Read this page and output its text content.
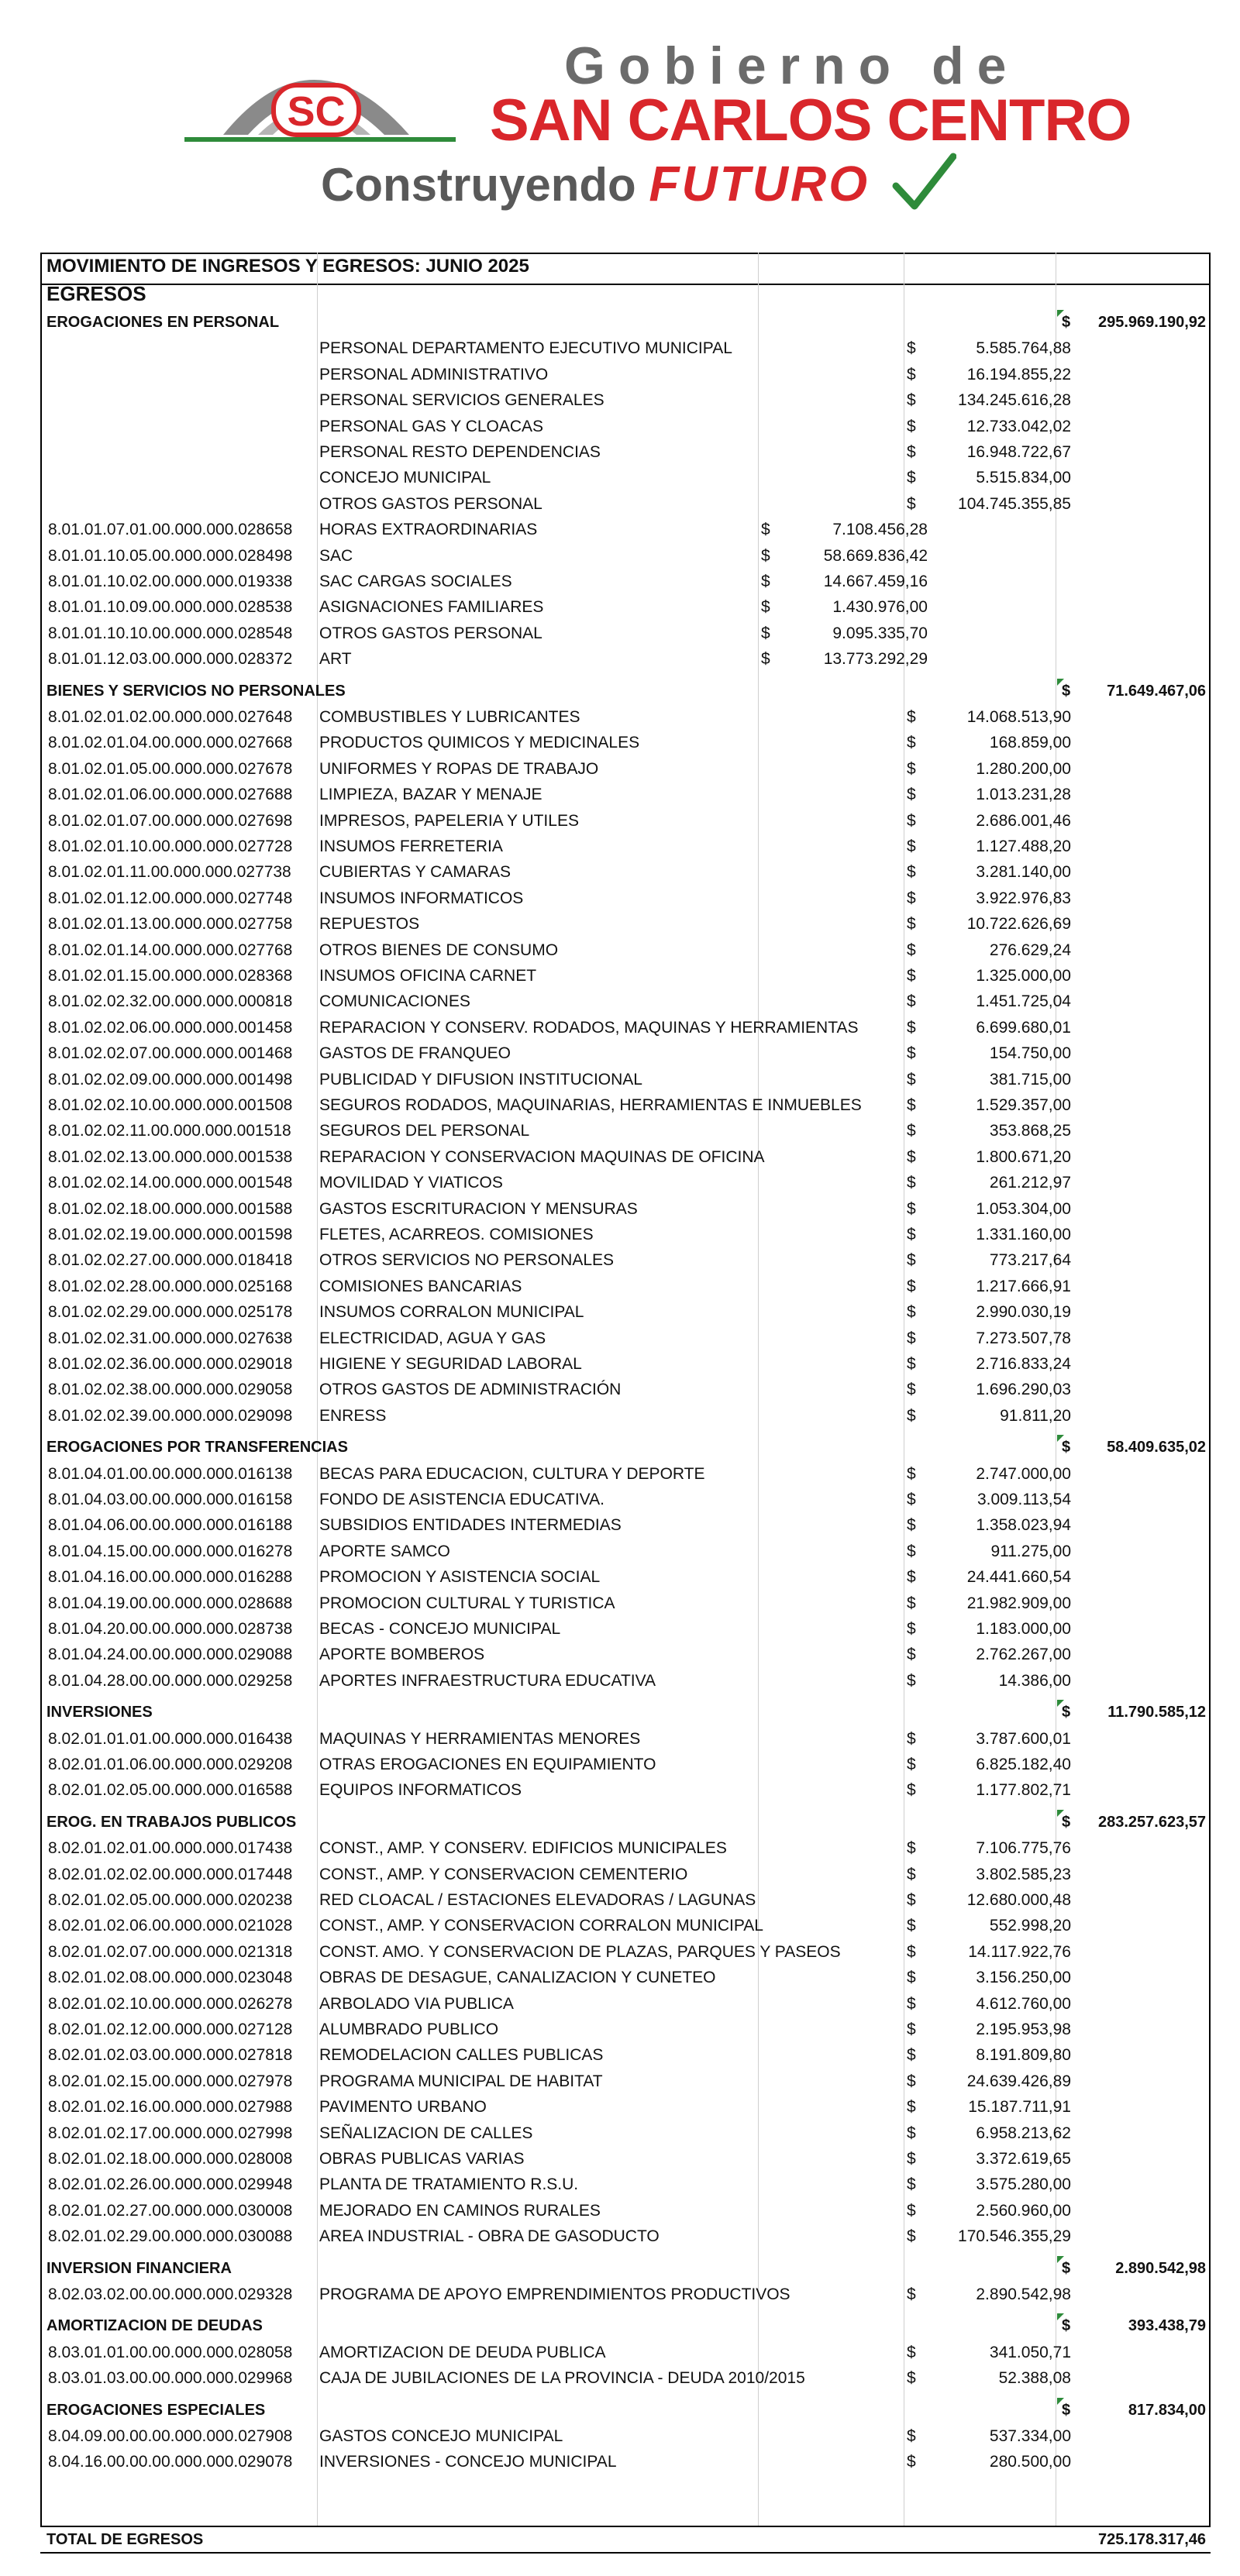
SC
Gobierno de
SAN CARLOS CENTRO
Construyendo FUTURO
MOVIMIENTO DE INGRESOS Y EGRESOS: JUNIO 2025
EGRESOS
EROGACIONES EN PERSONAL	$	295.969.190,92
PERSONAL DEPARTAMENTO EJECUTIVO MUNICIPAL	$	5.585.764,88
PERSONAL ADMINISTRATIVO	$	16.194.855,22
PERSONAL SERVICIOS GENERALES	$	134.245.616,28
PERSONAL GAS Y CLOACAS	$	12.733.042,02
PERSONAL RESTO DEPENDENCIAS	$	16.948.722,67
CONCEJO MUNICIPAL	$	5.515.834,00
OTROS GASTOS PERSONAL	$	104.745.355,85
8.01.01.07.01.00.000.000.028658 HORAS EXTRAORDINARIAS	$	7.108.456,28
8.01.01.10.05.00.000.000.028498 SAC	$	58.669.836,42
8.01.01.10.02.00.000.000.019338 SAC CARGAS SOCIALES	$	14.667.459,16
8.01.01.10.09.00.000.000.028538 ASIGNACIONES FAMILIARES	$	1.430.976,00
8.01.01.10.10.00.000.000.028548 OTROS GASTOS PERSONAL	$	9.095.335,70
8.01.01.12.03.00.000.000.028372 ART	$	13.773.292,29
BIENES Y SERVICIOS NO PERSONALES	$	71.649.467,06
8.01.02.01.02.00.000.000.027648 COMBUSTIBLES Y LUBRICANTES	$	14.068.513,90
8.01.02.01.04.00.000.000.027668 PRODUCTOS QUIMICOS Y MEDICINALES	$	168.859,00
8.01.02.01.05.00.000.000.027678 UNIFORMES Y ROPAS DE TRABAJO	$	1.280.200,00
8.01.02.01.06.00.000.000.027688 LIMPIEZA, BAZAR Y MENAJE	$	1.013.231,28
8.01.02.01.07.00.000.000.027698 IMPRESOS, PAPELERIA Y UTILES	$	2.686.001,46
8.01.02.01.10.00.000.000.027728 INSUMOS FERRETERIA	$	1.127.488,20
8.01.02.01.11.00.000.000.027738 CUBIERTAS Y CAMARAS	$	3.281.140,00
8.01.02.01.12.00.000.000.027748 INSUMOS INFORMATICOS	$	3.922.976,83
8.01.02.01.13.00.000.000.027758 REPUESTOS	$	10.722.626,69
8.01.02.01.14.00.000.000.027768 OTROS BIENES DE CONSUMO	$	276.629,24
8.01.02.01.15.00.000.000.028368 INSUMOS OFICINA CARNET	$	1.325.000,00
8.01.02.02.32.00.000.000.000818 COMUNICACIONES	$	1.451.725,04
8.01.02.02.06.00.000.000.001458 REPARACION Y CONSERV. RODADOS, MAQUINAS Y HERRAMIENTAS	$	6.699.680,01
8.01.02.02.07.00.000.000.001468 GASTOS DE FRANQUEO	$	154.750,00
8.01.02.02.09.00.000.000.001498 PUBLICIDAD Y DIFUSION INSTITUCIONAL	$	381.715,00
8.01.02.02.10.00.000.000.001508 SEGUROS RODADOS, MAQUINARIAS, HERRAMIENTAS E INMUEBLES	$	1.529.357,00
8.01.02.02.11.00.000.000.001518 SEGUROS DEL PERSONAL	$	353.868,25
8.01.02.02.13.00.000.000.001538 REPARACION Y CONSERVACION MAQUINAS DE OFICINA	$	1.800.671,20
8.01.02.02.14.00.000.000.001548 MOVILIDAD Y VIATICOS	$	261.212,97
8.01.02.02.18.00.000.000.001588 GASTOS ESCRITURACION Y MENSURAS	$	1.053.304,00
8.01.02.02.19.00.000.000.001598 FLETES, ACARREOS. COMISIONES	$	1.331.160,00
8.01.02.02.27.00.000.000.018418 OTROS SERVICIOS NO PERSONALES	$	773.217,64
8.01.02.02.28.00.000.000.025168 COMISIONES BANCARIAS	$	1.217.666,91
8.01.02.02.29.00.000.000.025178 INSUMOS CORRALON MUNICIPAL	$	2.990.030,19
8.01.02.02.31.00.000.000.027638 ELECTRICIDAD, AGUA Y GAS	$	7.273.507,78
8.01.02.02.36.00.000.000.029018 HIGIENE Y SEGURIDAD LABORAL	$	2.716.833,24
8.01.02.02.38.00.000.000.029058 OTROS GASTOS DE ADMINISTRACIÓN	$	1.696.290,03
8.01.02.02.39.00.000.000.029098 ENRESS	$	91.811,20
EROGACIONES POR TRANSFERENCIAS	$	58.409.635,02
8.01.04.01.00.00.000.000.016138 BECAS PARA EDUCACION, CULTURA Y DEPORTE	$	2.747.000,00
8.01.04.03.00.00.000.000.016158 FONDO DE ASISTENCIA EDUCATIVA.	$	3.009.113,54
8.01.04.06.00.00.000.000.016188 SUBSIDIOS ENTIDADES INTERMEDIAS	$	1.358.023,94
8.01.04.15.00.00.000.000.016278 APORTE SAMCO	$	911.275,00
8.01.04.16.00.00.000.000.016288 PROMOCION Y ASISTENCIA SOCIAL	$	24.441.660,54
8.01.04.19.00.00.000.000.028688 PROMOCION CULTURAL Y TURISTICA	$	21.982.909,00
8.01.04.20.00.00.000.000.028738 BECAS - CONCEJO MUNICIPAL	$	1.183.000,00
8.01.04.24.00.00.000.000.029088 APORTE BOMBEROS	$	2.762.267,00
8.01.04.28.00.00.000.000.029258 APORTES INFRAESTRUCTURA EDUCATIVA	$	14.386,00
INVERSIONES	$	11.790.585,12
8.02.01.01.01.00.000.000.016438 MAQUINAS Y HERRAMIENTAS MENORES	$	3.787.600,01
8.02.01.01.06.00.000.000.029208 OTRAS EROGACIONES EN EQUIPAMIENTO	$	6.825.182,40
8.02.01.02.05.00.000.000.016588 EQUIPOS INFORMATICOS	$	1.177.802,71
EROG. EN TRABAJOS PUBLICOS	$	283.257.623,57
8.02.01.02.01.00.000.000.017438 CONST., AMP. Y CONSERV. EDIFICIOS MUNICIPALES	$	7.106.775,76
8.02.01.02.02.00.000.000.017448 CONST., AMP. Y CONSERVACION CEMENTERIO	$	3.802.585,23
8.02.01.02.05.00.000.000.020238 RED CLOACAL / ESTACIONES ELEVADORAS / LAGUNAS	$	12.680.000,48
8.02.01.02.06.00.000.000.021028 CONST., AMP. Y CONSERVACION CORRALON MUNICIPAL	$	552.998,20
8.02.01.02.07.00.000.000.021318 CONST. AMO. Y CONSERVACION DE PLAZAS, PARQUES Y PASEOS	$	14.117.922,76
8.02.01.02.08.00.000.000.023048 OBRAS DE DESAGUE, CANALIZACION Y CUNETEO	$	3.156.250,00
8.02.01.02.10.00.000.000.026278 ARBOLADO VIA PUBLICA	$	4.612.760,00
8.02.01.02.12.00.000.000.027128 ALUMBRADO PUBLICO	$	2.195.953,98
8.02.01.02.03.00.000.000.027818 REMODELACION CALLES PUBLICAS	$	8.191.809,80
8.02.01.02.15.00.000.000.027978 PROGRAMA MUNICIPAL DE HABITAT	$	24.639.426,89
8.02.01.02.16.00.000.000.027988 PAVIMENTO URBANO	$	15.187.711,91
8.02.01.02.17.00.000.000.027998 SEÑALIZACION DE CALLES	$	6.958.213,62
8.02.01.02.18.00.000.000.028008 OBRAS PUBLICAS VARIAS	$	3.372.619,65
8.02.01.02.26.00.000.000.029948 PLANTA DE TRATAMIENTO R.S.U.	$	3.575.280,00
8.02.01.02.27.00.000.000.030008 MEJORADO EN CAMINOS RURALES	$	2.560.960,00
8.02.01.02.29.00.000.000.030088 AREA INDUSTRIAL - OBRA DE GASODUCTO	$	170.546.355,29
INVERSION FINANCIERA	$	2.890.542,98
8.02.03.02.00.00.000.000.029328 PROGRAMA DE APOYO EMPRENDIMIENTOS PRODUCTIVOS	$	2.890.542,98
AMORTIZACION DE DEUDAS	$	393.438,79
8.03.01.01.00.00.000.000.028058 AMORTIZACION DE DEUDA PUBLICA	$	341.050,71
8.03.01.03.00.00.000.000.029968 CAJA DE JUBILACIONES DE LA PROVINCIA - DEUDA 2010/2015	$	52.388,08
EROGACIONES ESPECIALES	$	817.834,00
8.04.09.00.00.00.000.000.027908 GASTOS CONCEJO MUNICIPAL	$	537.334,00
8.04.16.00.00.00.000.000.029078 INVERSIONES - CONCEJO MUNICIPAL	$	280.500,00
TOTAL DE EGRESOS	725.178.317,46
